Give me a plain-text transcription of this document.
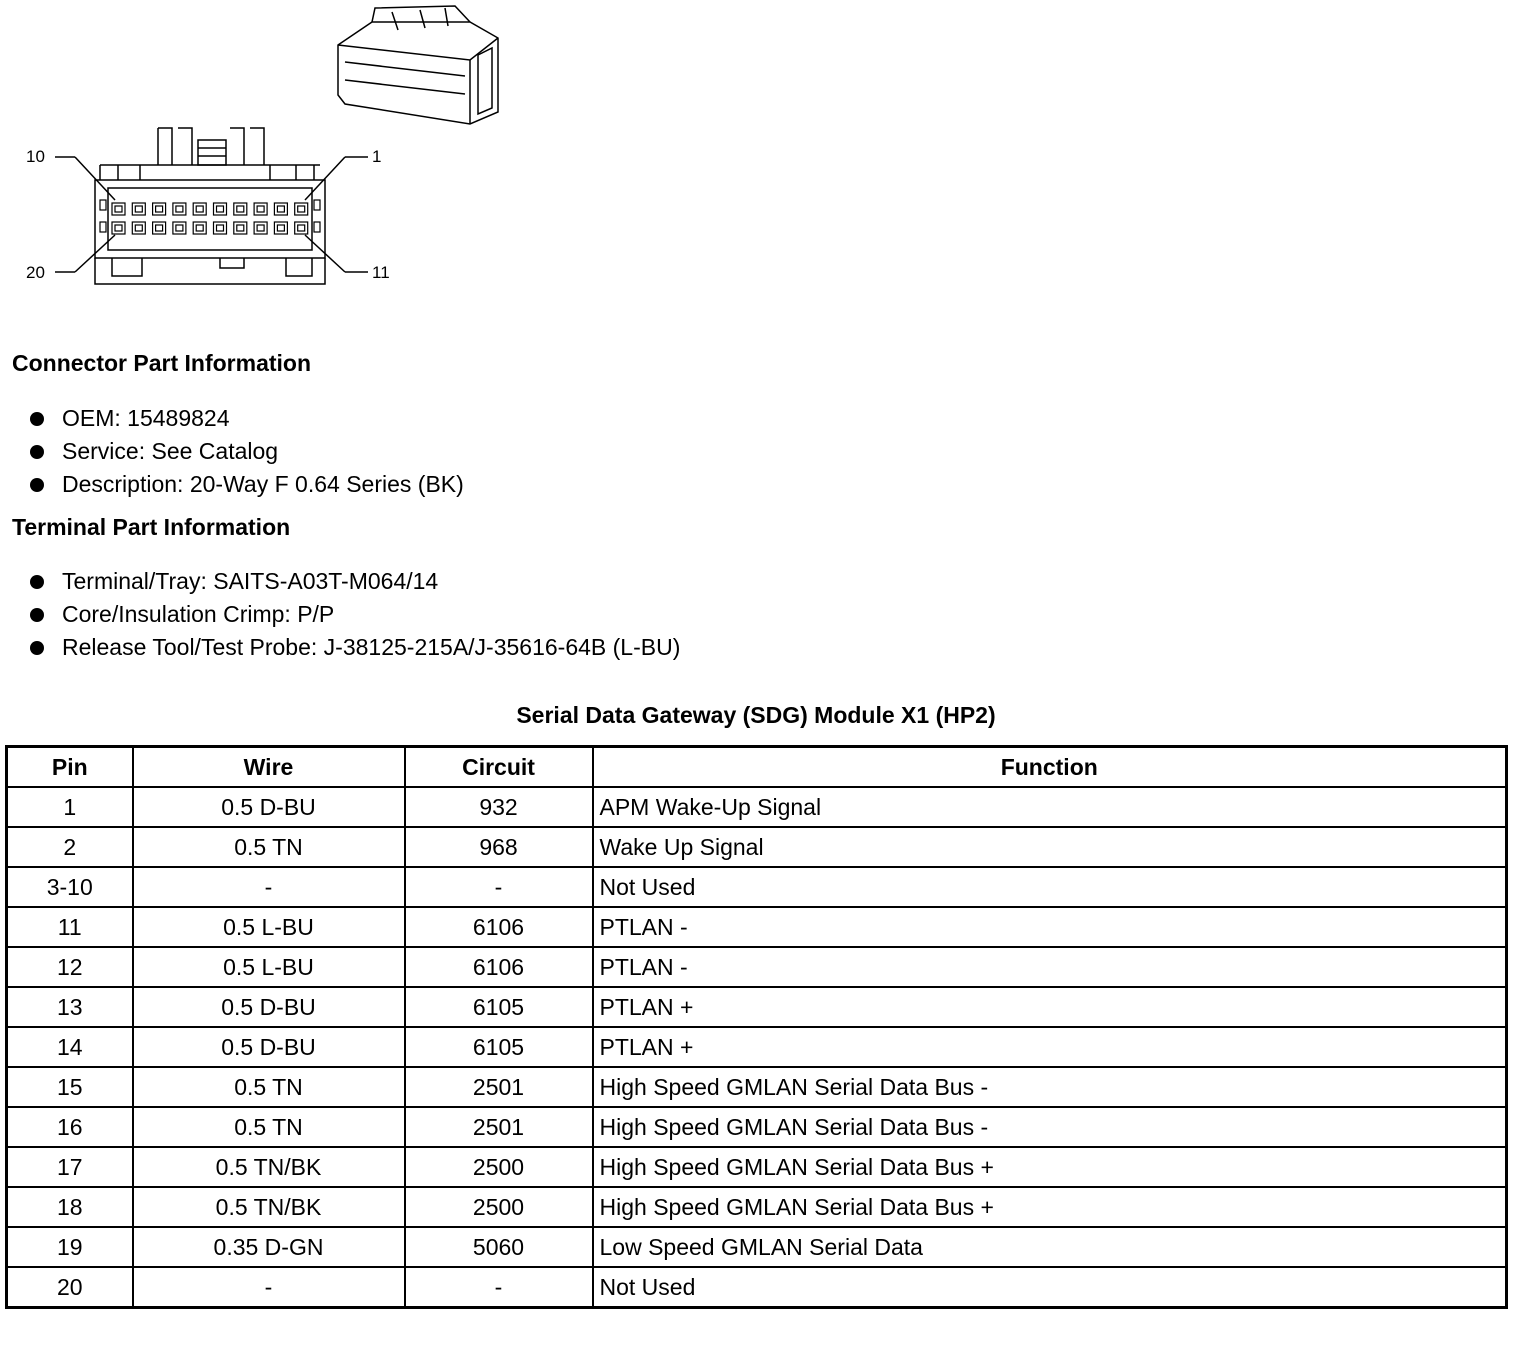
10	1
20	11
Connector Part Information
OEM: 15489824
Service: See Catalog
Description: 20-Way F 0.64 Series (BK)
Terminal Part Information
Terminal/Tray: SAITS-A03T-M064/14
Core/Insulation Crimp: P/P
Release Tool/Test Probe: J-38125-215A/J-35616-64B (L-BU)
Serial Data Gateway (SDG) Module X1 (HP2)
Pin	Wire	Circuit	Function
1	0.5 D-BU	932	APM Wake-Up Signal
2	0.5 TN	968	Wake Up Signal
3-10	-	-	Not Used
11	0.5 L-BU	6106	PTLAN -
12	0.5 L-BU	6106	PTLAN -
13	0.5 D-BU	6105	PTLAN +
14	0.5 D-BU	6105	PTLAN +
15	0.5 TN	2501	High Speed GMLAN Serial Data Bus -
16	0.5 TN	2501	High Speed GMLAN Serial Data Bus -
17	0.5 TN/BK	2500	High Speed GMLAN Serial Data Bus +
18	0.5 TN/BK	2500	High Speed GMLAN Serial Data Bus +
19	0.35 D-GN	5060	Low Speed GMLAN Serial Data
20	-	-	Not Used
